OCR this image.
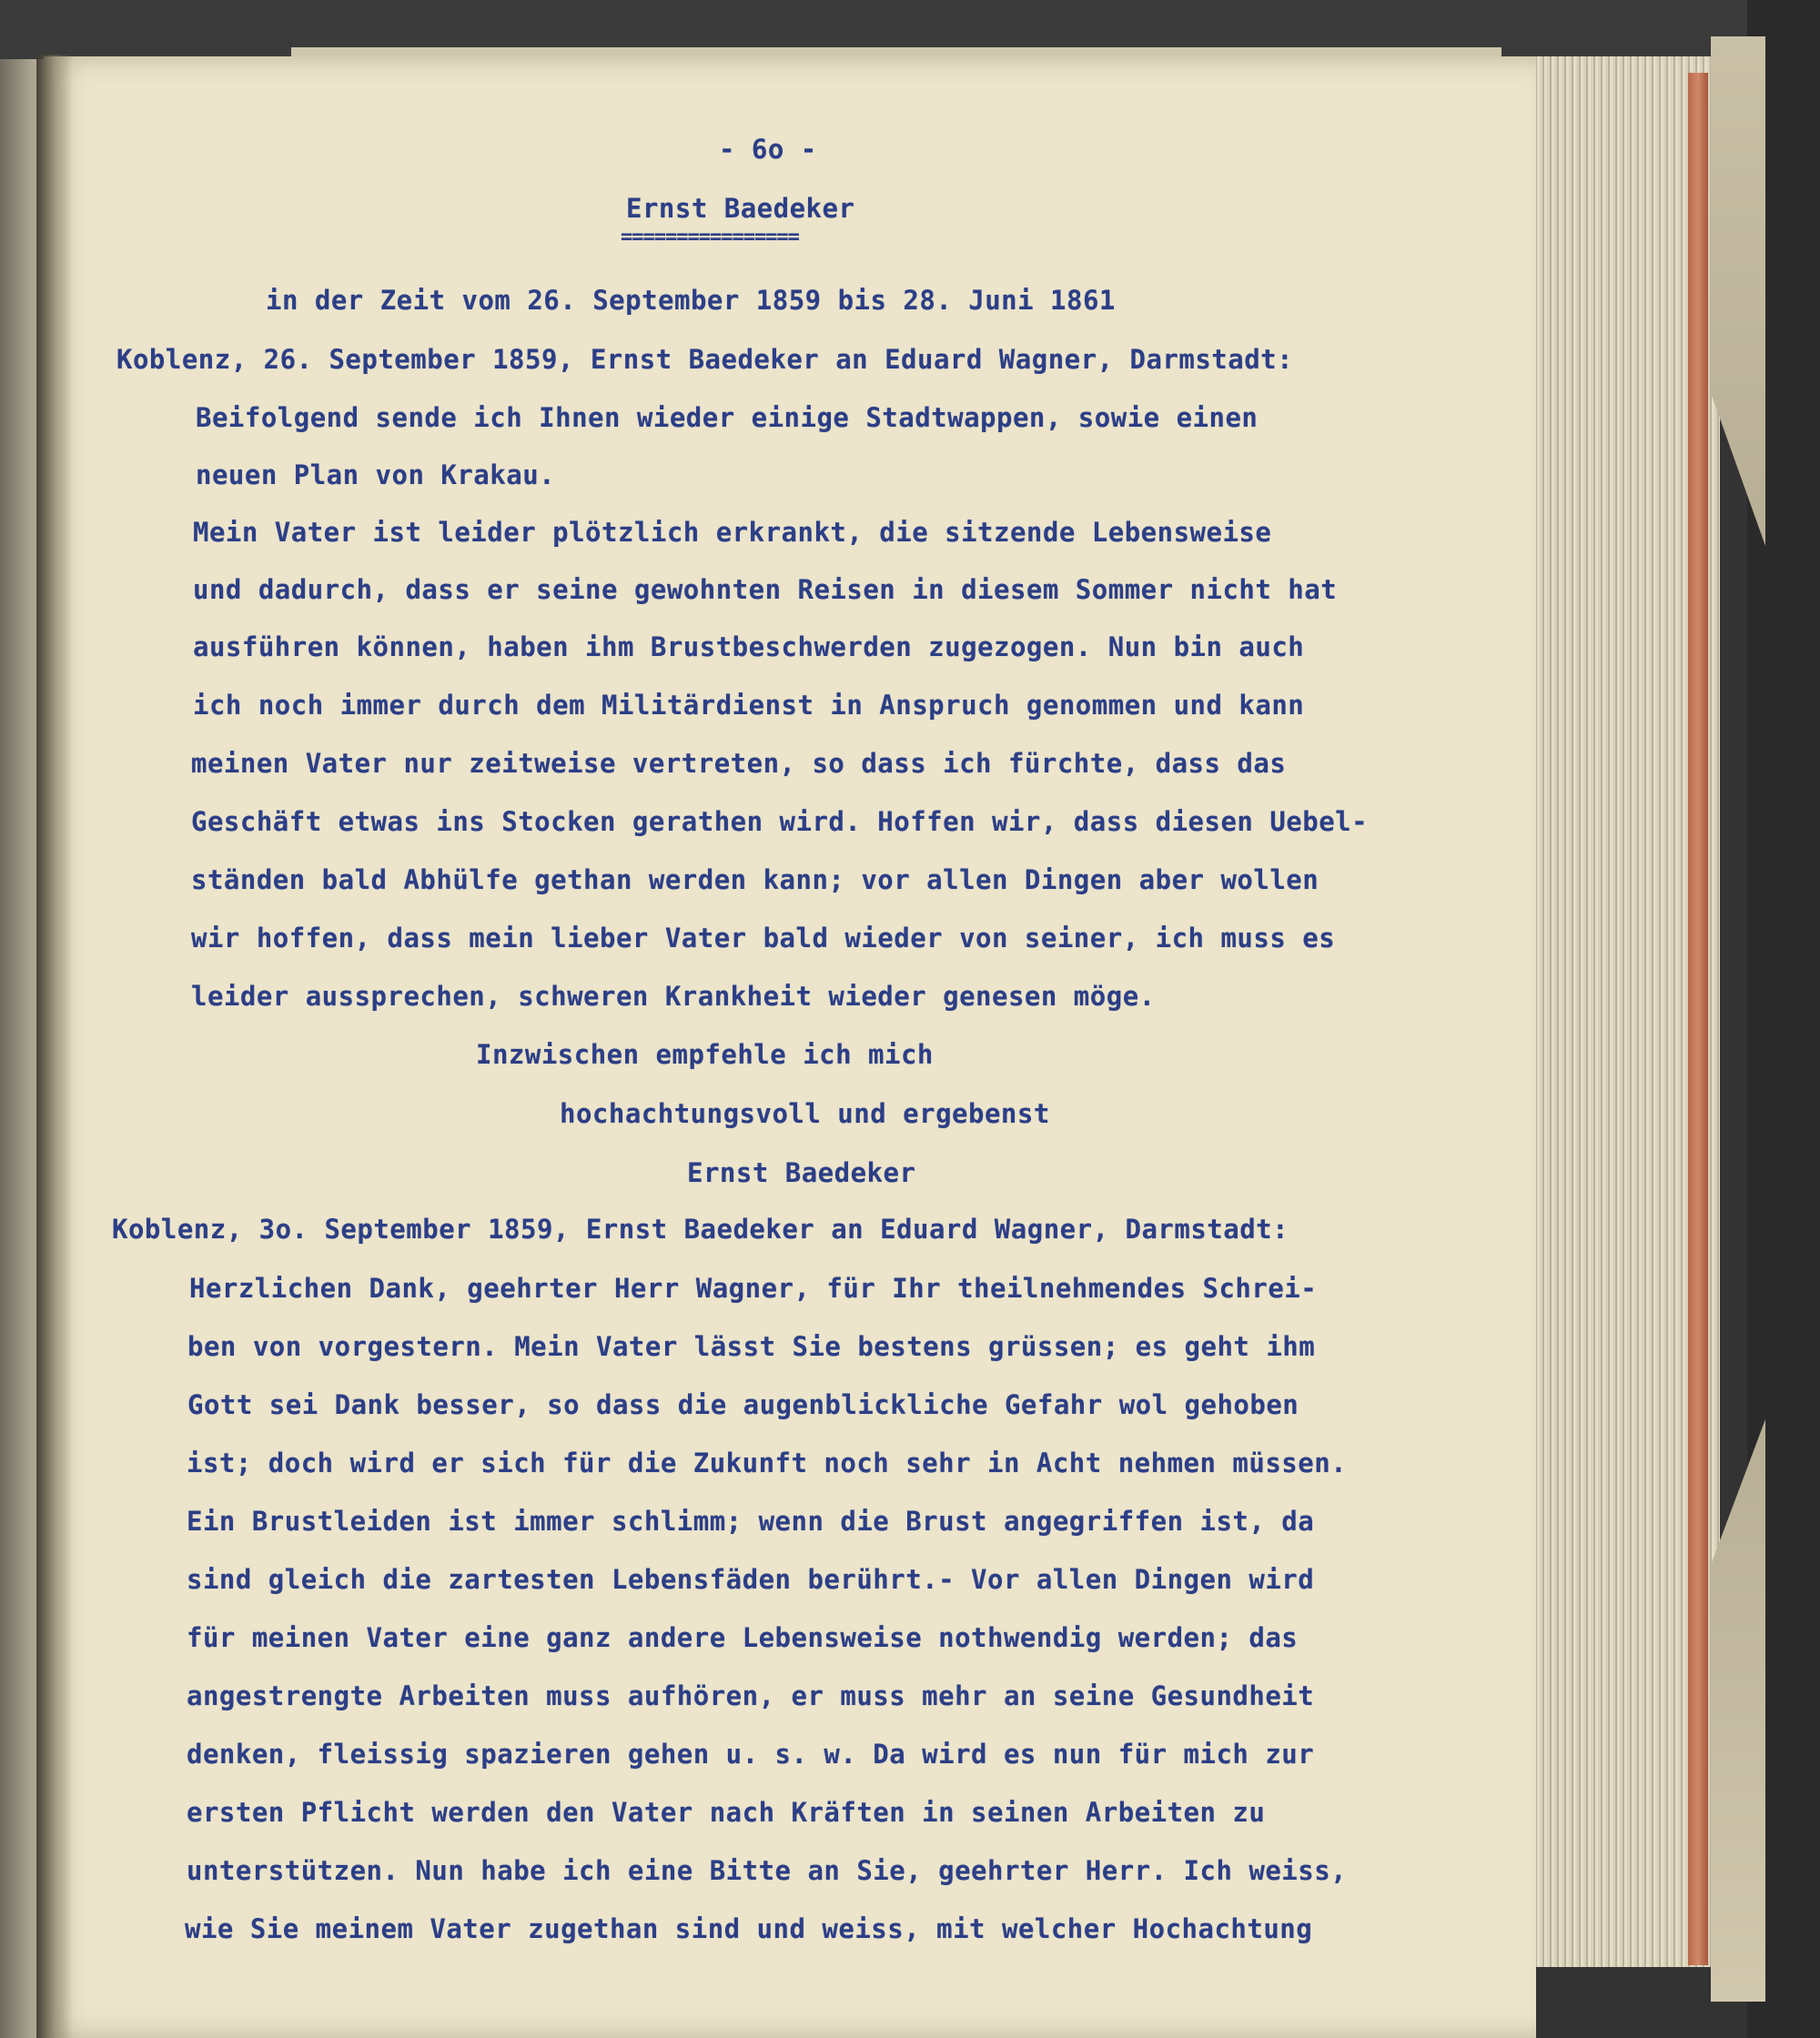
- 6o -
Ernst Baedeker
================
in der Zeit vom 26. September 1859 bis 28. Juni 1861
Koblenz, 26. September 1859, Ernst Baedeker an Eduard Wagner, Darmstadt:
Beifolgend sende ich Ihnen wieder einige Stadtwappen, sowie einen
neuen Plan von Krakau.
Mein Vater ist leider plötzlich erkrankt, die sitzende Lebensweise
und dadurch, dass er seine gewohnten Reisen in diesem Sommer nicht hat
ausführen können, haben ihm Brustbeschwerden zugezogen. Nun bin auch
ich noch immer durch dem Militärdienst in Anspruch genommen und kann
meinen Vater nur zeitweise vertreten, so dass ich fürchte, dass das
Geschäft etwas ins Stocken gerathen wird. Hoffen wir, dass diesen Uebel-
ständen bald Abhülfe gethan werden kann; vor allen Dingen aber wollen
wir hoffen, dass mein lieber Vater bald wieder von seiner, ich muss es
leider aussprechen, schweren Krankheit wieder genesen möge.
Inzwischen empfehle ich mich
hochachtungsvoll und ergebenst
Ernst Baedeker
Koblenz, 3o. September 1859, Ernst Baedeker an Eduard Wagner, Darmstadt:
Herzlichen Dank, geehrter Herr Wagner, für Ihr theilnehmendes Schrei-
ben von vorgestern. Mein Vater lässt Sie bestens grüssen; es geht ihm
Gott sei Dank besser, so dass die augenblickliche Gefahr wol gehoben
ist; doch wird er sich für die Zukunft noch sehr in Acht nehmen müssen.
Ein Brustleiden ist immer schlimm; wenn die Brust angegriffen ist, da
sind gleich die zartesten Lebensfäden berührt.- Vor allen Dingen wird
für meinen Vater eine ganz andere Lebensweise nothwendig werden; das
angestrengte Arbeiten muss aufhören, er muss mehr an seine Gesundheit
denken, fleissig spazieren gehen u. s. w. Da wird es nun für mich zur
ersten Pflicht werden den Vater nach Kräften in seinen Arbeiten zu
unterstützen. Nun habe ich eine Bitte an Sie, geehrter Herr. Ich weiss,
wie Sie meinem Vater zugethan sind und weiss, mit welcher Hochachtung
